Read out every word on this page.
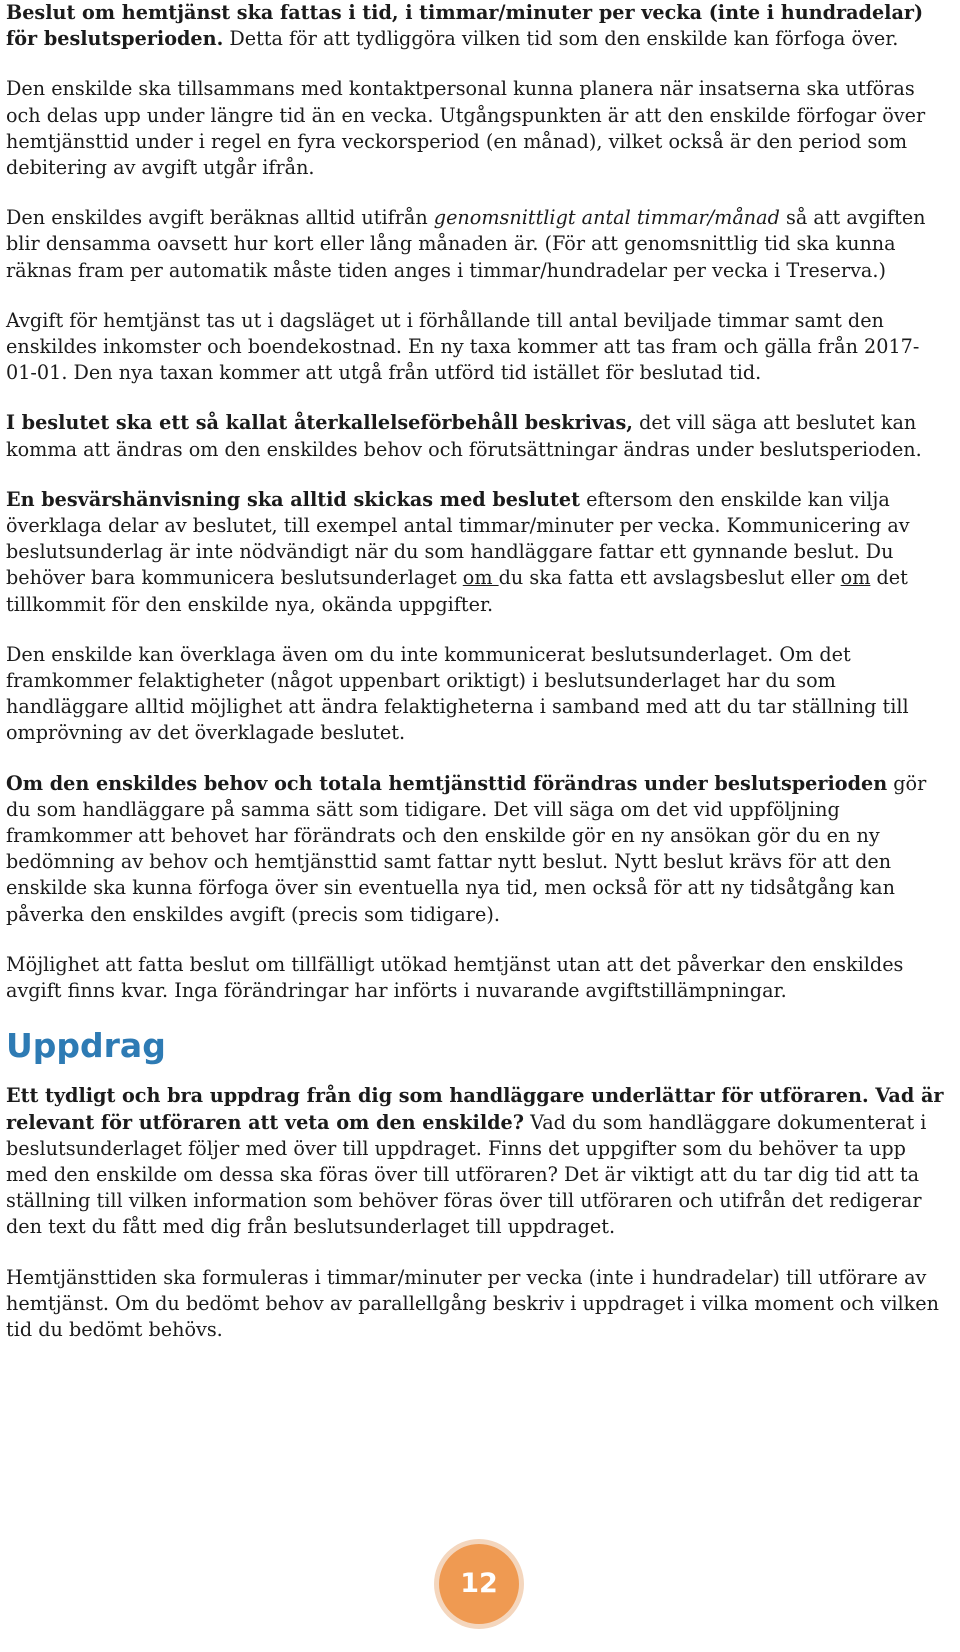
Beslut om hemtjänst ska fattas i tid, i timmar/minuter per vecka (inte i hundradelar) för beslutsperioden. Detta för att tydliggöra vilken tid som den enskilde kan förfoga över.

Den enskilde ska tillsammans med kontaktpersonal kunna planera när insatserna ska utföras och delas upp under längre tid än en vecka. Utgångspunkten är att den enskilde förfogar över hemtjänsttid under i regel en fyra veckorsperiod (en månad), vilket också är den period som debitering av avgift utgår ifrån.

Den enskildes avgift beräknas alltid utifrån genomsnittligt antal timmar/månad så att avgiften blir densamma oavsett hur kort eller lång månaden är. (För att genomsnittlig tid ska kunna räknas fram per automatik måste tiden anges i timmar/hundradelar per vecka i Treserva.)

Avgift för hemtjänst tas ut i dagsläget ut i förhållande till antal beviljade timmar samt den enskildes inkomster och boendekostnad. En ny taxa kommer att tas fram och gälla från 2017-01-01. Den nya taxan kommer att utgå från utförd tid istället för beslutad tid.

I beslutet ska ett så kallat återkallelseförbehåll beskrivas, det vill säga att beslutet kan komma att ändras om den enskildes behov och förutsättningar ändras under beslutsperioden.

En besvärshänvisning ska alltid skickas med beslutet eftersom den enskilde kan vilja överklaga delar av beslutet, till exempel antal timmar/minuter per vecka. Kommunicering av beslutsunderlag är inte nödvändigt när du som handläggare fattar ett gynnande beslut. Du behöver bara kommunicera beslutsunderlaget om du ska fatta ett avslagsbeslut eller om det tillkommit för den enskilde nya, okända uppgifter.

Den enskilde kan överklaga även om du inte kommunicerat beslutsunderlaget. Om det framkommer felaktigheter (något uppenbart oriktigt) i beslutsunderlaget har du som handläggare alltid möjlighet att ändra felaktigheterna i samband med att du tar ställning till omprövning av det överklagade beslutet.

Om den enskildes behov och totala hemtjänsttid förändras under beslutsperioden gör du som handläggare på samma sätt som tidigare. Det vill säga om det vid uppföljning framkommer att behovet har förändrats och den enskilde gör en ny ansökan gör du en ny bedömning av behov och hemtjänsttid samt fattar nytt beslut. Nytt beslut krävs för att den enskilde ska kunna förfoga över sin eventuella nya tid, men också för att ny tidsåtgång kan påverka den enskildes avgift (precis som tidigare).

Möjlighet att fatta beslut om tillfälligt utökad hemtjänst utan att det påverkar den enskildes avgift finns kvar. Inga förändringar har införts i nuvarande avgiftstillämpningar.

Uppdrag

Ett tydligt och bra uppdrag från dig som handläggare underlättar för utföraren. Vad är relevant för utföraren att veta om den enskilde? Vad du som handläggare dokumenterat i beslutsunderlaget följer med över till uppdraget. Finns det uppgifter som du behöver ta upp med den enskilde om dessa ska föras över till utföraren? Det är viktigt att du tar dig tid att ta ställning till vilken information som behöver föras över till utföraren och utifrån det redigerar den text du fått med dig från beslutsunderlaget till uppdraget.

Hemtjänsttiden ska formuleras i timmar/minuter per vecka (inte i hundradelar) till utförare av hemtjänst. Om du bedömt behov av parallellgång beskriv i uppdraget i vilka moment och vilken tid du bedömt behövs.

12
